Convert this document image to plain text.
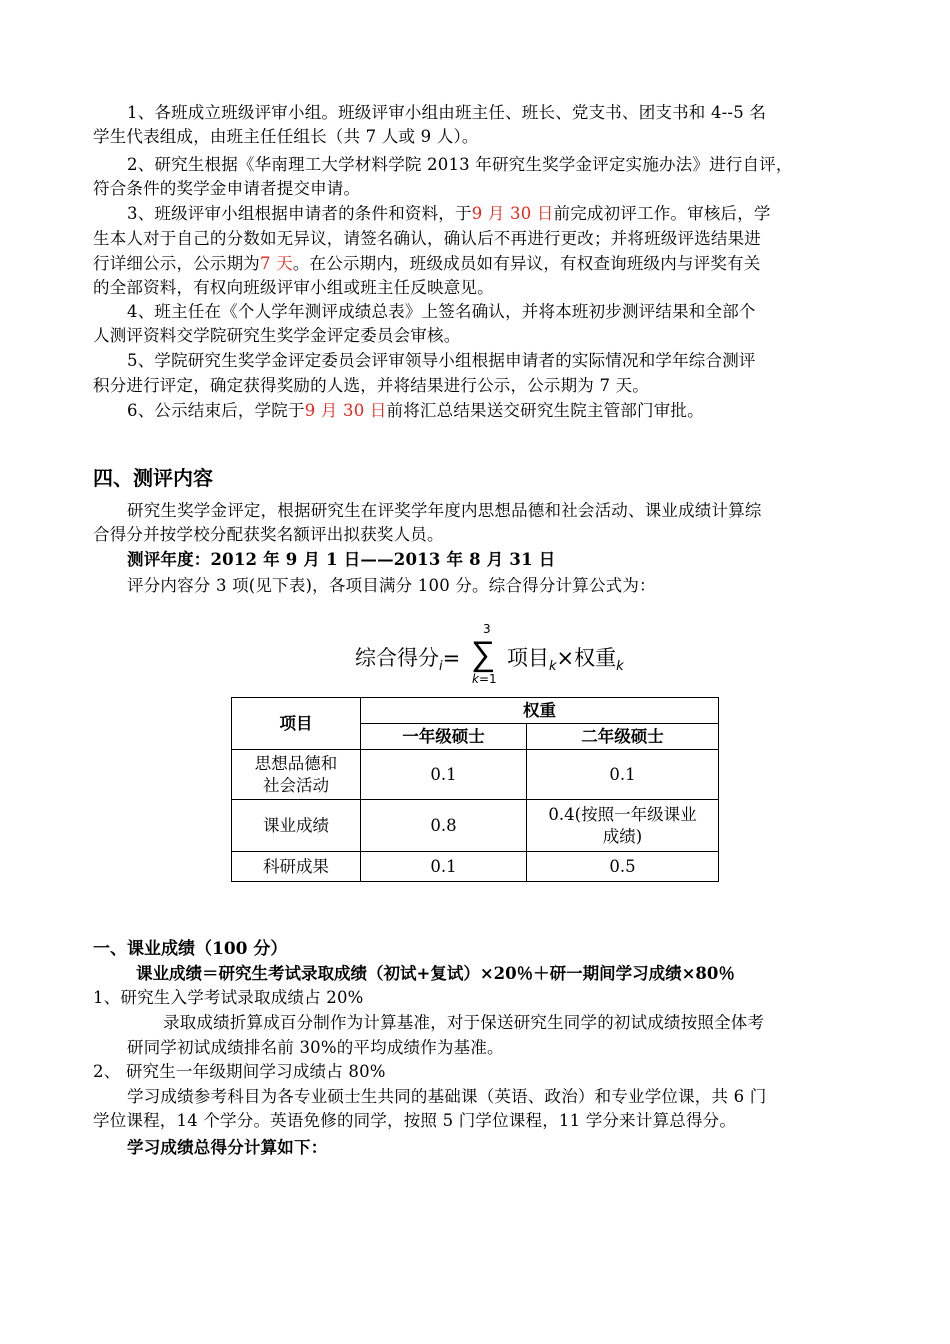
1、各班成立班级评审小组。班级评审小组由班主任、班长、党支书、团支书和 4--5 名
学生代表组成，由班主任任组长（共 7 人或 9 人）。
2、研究生根据《华南理工大学材料学院 2013 年研究生奖学金评定实施办法》进行自评，
符合条件的奖学金申请者提交申请。
3、班级评审小组根据申请者的条件和资料，于9 月 30 日前完成初评工作。审核后，学
生本人对于自己的分数如无异议，请签名确认，确认后不再进行更改；并将班级评选结果进
行详细公示，公示期为7 天。在公示期内，班级成员如有异议，有权查询班级内与评奖有关
的全部资料，有权向班级评审小组或班主任反映意见。
4、班主任在《个人学年测评成绩总表》上签名确认，并将本班初步测评结果和全部个
人测评资料交学院研究生奖学金评定委员会审核。
5、学院研究生奖学金评定委员会评审领导小组根据申请者的实际情况和学年综合测评
积分进行评定，确定获得奖励的人选，并将结果进行公示，公示期为 7 天。
6、公示结束后，学院于9 月 30 日前将汇总结果送交研究生院主管部门审批。
四、测评内容
研究生奖学金评定，根据研究生在评奖学年度内思想品德和社会活动、课业成绩计算综
合得分并按学校分配获奖名额评出拟获奖人员。
测评年度：2012 年 9 月 1 日——2013 年 8 月 31 日
评分内容分 3 项(见下表)，各项目满分 100 分。综合得分计算公式为：
综合得分$_i$= ∑
3
k=1
项目$_k$×权重$_k$
项目	权重	
	一年级硕士	二年级硕士
思想品德和
社会活动	0.1	0.1
课业成绩	0.8	0.4(按照一年级课业
成绩)
科研成果	0.1	0.5
一、课业成绩（100 分）
课业成绩＝研究生考试录取成绩（初试+复试）×20％＋研一期间学习成绩×80％
1、研究生入学考试录取成绩占 20%
录取成绩折算成百分制作为计算基准，对于保送研究生同学的初试成绩按照全体考
研同学初试成绩排名前 30%的平均成绩作为基准。
2、 研究生一年级期间学习成绩占 80%
学习成绩参考科目为各专业硕士生共同的基础课（英语、政治）和专业学位课，共 6 门
学位课程，14 个学分。英语免修的同学，按照 5 门学位课程，11 学分来计算总得分。
学习成绩总得分计算如下：
